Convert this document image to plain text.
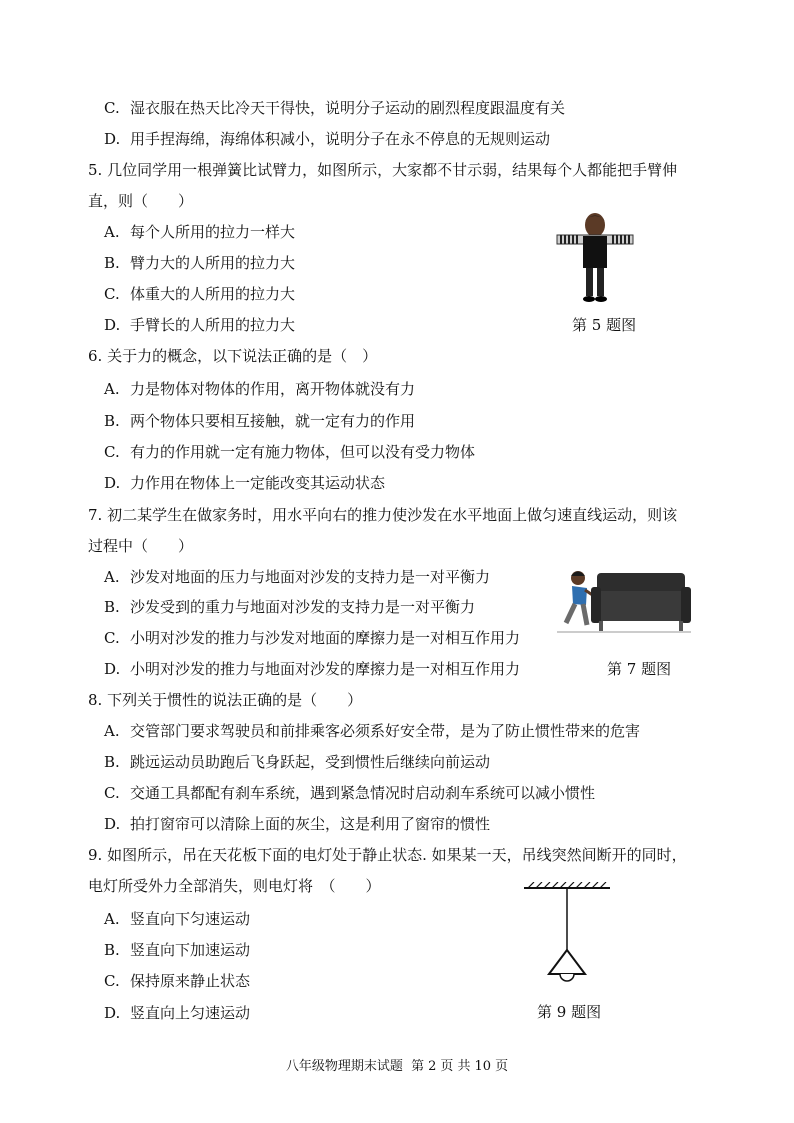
C. 湿衣服在热天比冷天干得快，说明分子运动的剧烈程度跟温度有关
D. 用手捏海绵，海绵体积减小，说明分子在永不停息的无规则运动
5. 几位同学用一根弹簧比试臂力，如图所示，大家都不甘示弱，结果每个人都能把手臂伸
直，则（　　）
A. 每个人所用的拉力一样大
B. 臂力大的人所用的拉力大
C. 体重大的人所用的拉力大
D. 手臂长的人所用的拉力大	第 5 题图
6. 关于力的概念，以下说法正确的是（　）
A. 力是物体对物体的作用，离开物体就没有力
B. 两个物体只要相互接触，就一定有力的作用
C. 有力的作用就一定有施力物体，但可以没有受力物体
D. 力作用在物体上一定能改变其运动状态
7. 初二某学生在做家务时，用水平向右的推力使沙发在水平地面上做匀速直线运动，则该
过程中（　　）
A. 沙发对地面的压力与地面对沙发的支持力是一对平衡力
B. 沙发受到的重力与地面对沙发的支持力是一对平衡力
C. 小明对沙发的推力与沙发对地面的摩擦力是一对相互作用力
D. 小明对沙发的推力与地面对沙发的摩擦力是一对相互作用力	第 7 题图
8. 下列关于惯性的说法正确的是（　　）
A. 交管部门要求驾驶员和前排乘客必须系好安全带，是为了防止惯性带来的危害
B. 跳远运动员助跑后飞身跃起，受到惯性后继续向前运动
C. 交通工具都配有刹车系统，遇到紧急情况时启动刹车系统可以减小惯性
D. 拍打窗帘可以清除上面的灰尘，这是利用了窗帘的惯性
9. 如图所示，吊在天花板下面的电灯处于静止状态. 如果某一天，吊线突然间断开的同时，
电灯所受外力全部消失，则电灯将　（　　）
A. 竖直向下匀速运动
B. 竖直向下加速运动
C. 保持原来静止状态
D. 竖直向上匀速运动	第 9 题图
八年级物理期末试题 第 2 页 共 10 页
